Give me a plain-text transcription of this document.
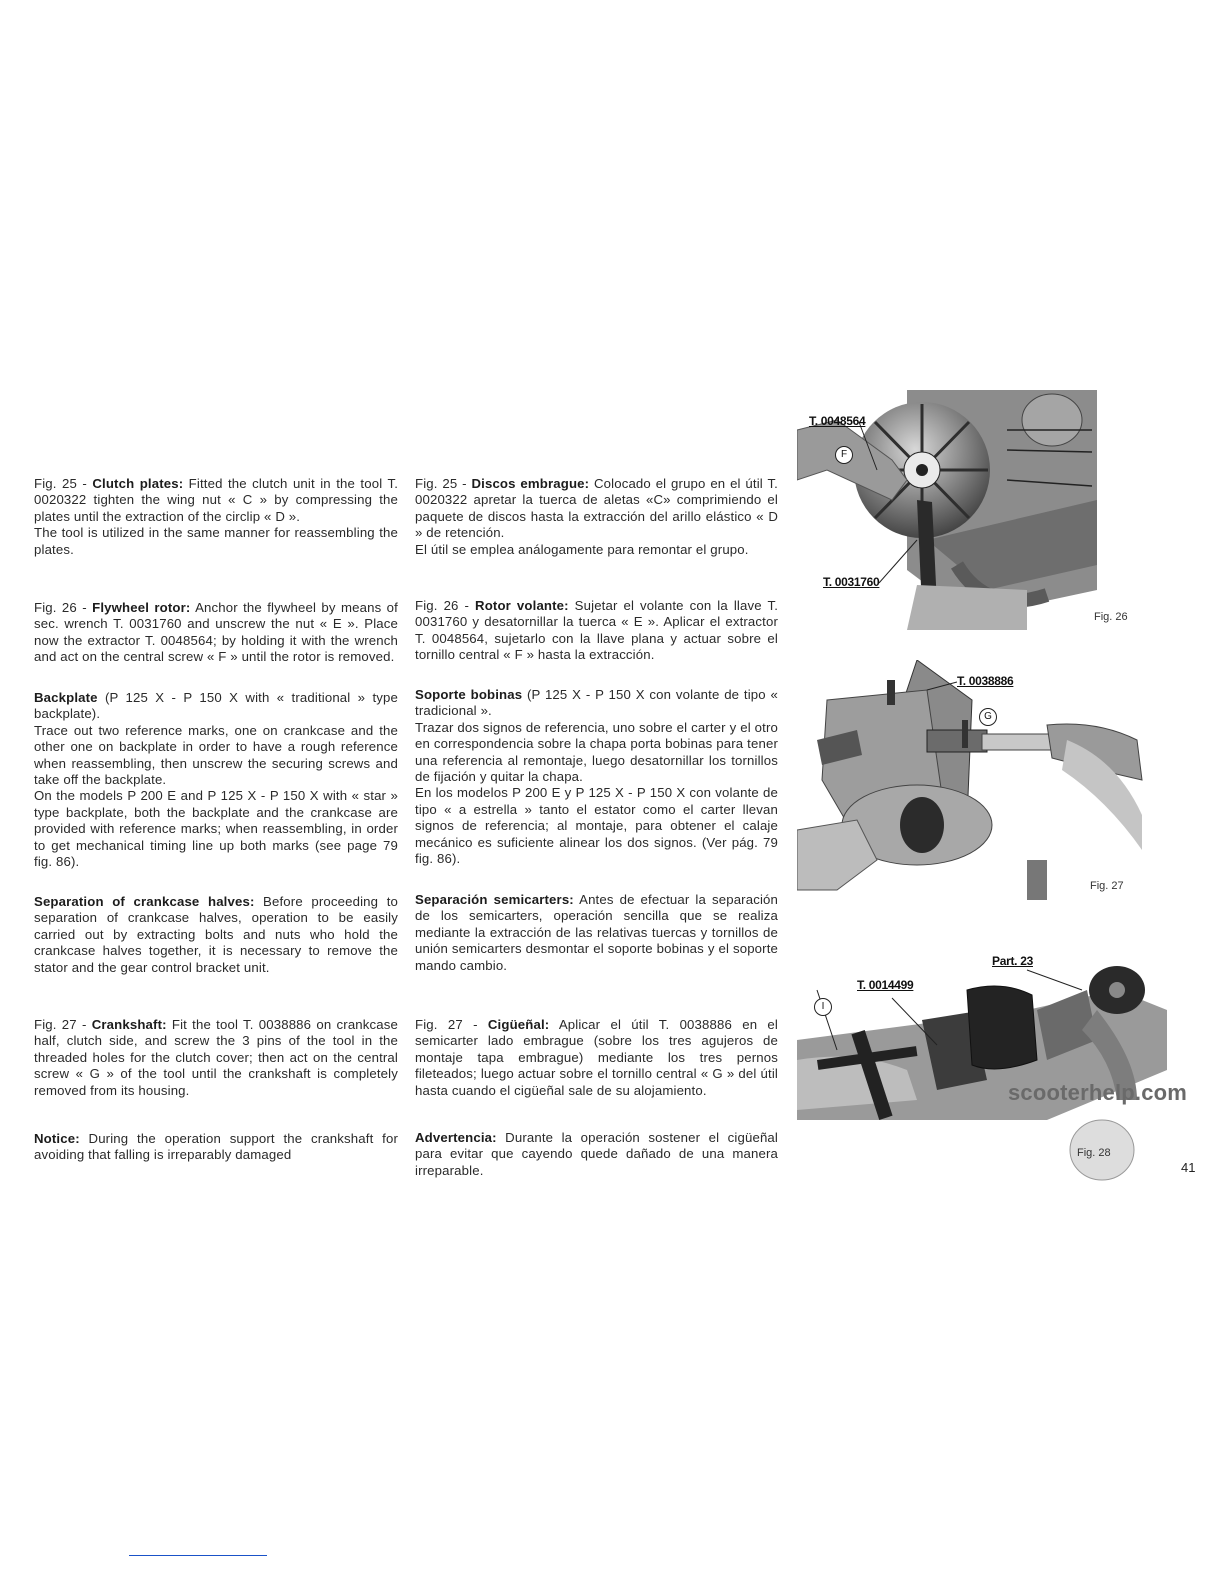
Fig. 25 - Clutch plates: Fitted the clutch unit in the tool T. 0020322 tighten the wing nut « C » by compressing the plates until the extraction of the circlip « D ».
The tool is utilized in the same manner for reassembling the plates.

Fig. 26 - Flywheel rotor: Anchor the flywheel by means of sec. wrench T. 0031760 and unscrew the nut « E ». Place now the extractor T. 0048564; by holding it with the wrench and act on the central screw « F » until the rotor is removed.

Backplate (P 125 X - P 150 X with « traditional » type backplate).
Trace out two reference marks, one on crankcase and the other one on backplate in order to have a rough reference when reassembling, then unscrew the securing screws and take off the backplate.
On the models P 200 E and P 125 X - P 150 X with « star » type backplate, both the backplate and the crankcase are provided with reference marks; when reassembling, in order to get mechanical timing line up both marks (see page 79 fig. 86).

Separation of crankcase halves: Before proceeding to separation of crankcase halves, operation to be easily carried out by extracting bolts and nuts who hold the crankcase halves together, it is necessary to remove the stator and the gear control bracket unit.

Fig. 27 - Crankshaft: Fit the tool T. 0038886 on crankcase half, clutch side, and screw the 3 pins of the tool in the threaded holes for the clutch cover; then act on the central screw « G » of the tool until the crankshaft is completely removed from its housing.

Notice: During the operation support the crankshaft for avoiding that falling is irreparably damaged

Fig. 25 - Discos embrague: Colocado el grupo en el útil T. 0020322 apretar la tuerca de aletas «C» comprimiendo el paquete de discos hasta la extracción del arillo elástico « D » de retención.
El útil se emplea análogamente para remontar el grupo.

Fig. 26 - Rotor volante: Sujetar el volante con la llave T. 0031760 y desatornillar la tuerca « E ». Aplicar el extractor T. 0048564, sujetarlo con la llave plana y actuar sobre el tornillo central « F » hasta la extracción.

Soporte bobinas (P 125 X - P 150 X con volante de tipo « tradicional ».
Trazar dos signos de referencia, uno sobre el carter y el otro en correspondencia sobre la chapa porta bobinas para tener una referencia al remontaje, luego desatornillar los tornillos de fijación y quitar la chapa.
En los modelos P 200 E y P 125 X - P 150 X con volante de tipo « a estrella » tanto el estator como el carter llevan signos de referencia; al montaje, para obtener el calaje mecánico es suficiente alinear los dos signos. (Ver pág. 79 fig. 86).

Separación semicarters: Antes de efectuar la separación de los semicarters, operación sencilla que se realiza mediante la extracción de las relativas tuercas y tornillos de unión semicarters desmontar el soporte bobinas y el soporte mando cambio.

Fig. 27 - Cigüeñal: Aplicar el útil T. 0038886 en el semicarter lado embrague (sobre los tres agujeros de montaje tapa embrague) mediante los tres pernos fileteados; luego actuar sobre el tornillo central « G » del útil hasta cuando el cigüeñal sale de su alojamiento.

Advertencia: Durante la operación sostener el cigüeñal para evitar que cayendo quede dañado de una manera irreparable.

T. 0048564
T. 0031760
F
Fig. 26
T. 0038886
G
Fig. 27
T. 0014499
Part. 23
I
Fig. 28
scooterhelp.com
41
